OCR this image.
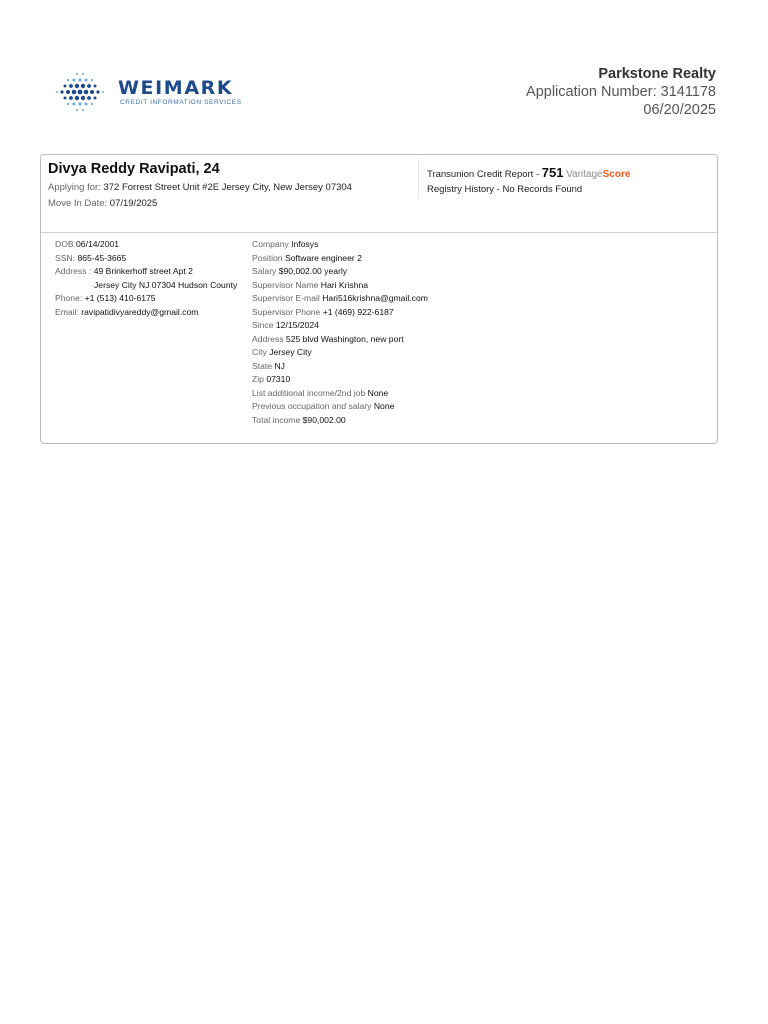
WEIMARK
CREDIT INFORMATION SERVICES
Parkstone Realty
Application Number: 3141178
06/20/2025
Divya Reddy Ravipati, 24
Applying for: 372 Forrest Street Unit #2E Jersey City, New Jersey 07304
Move In Date: 07/19/2025
Transunion Credit Report - 751 VantageScore
Registry History - No Records Found
DOB:06/14/2001
SSN: 865-45-3665
Address : 49 Brinkerhoff street Apt 2
Jersey City NJ 07304 Hudson County
Phone: +1 (513) 410-6175
Email: ravipatidivyareddy@gmail.com
Company Infosys
Position Software engineer 2
Salary $90,002.00 yearly
Supervisor Name Hari Krishna
Supervisor E-mail Hari516krishna@gmail.com
Supervisor Phone +1 (469) 922-6187
Since 12/15/2024
Address 525 blvd Washington, new port
City Jersey City
State NJ
Zip 07310
List additional income/2nd job None
Previous occupation and salary None
Total income $90,002.00
